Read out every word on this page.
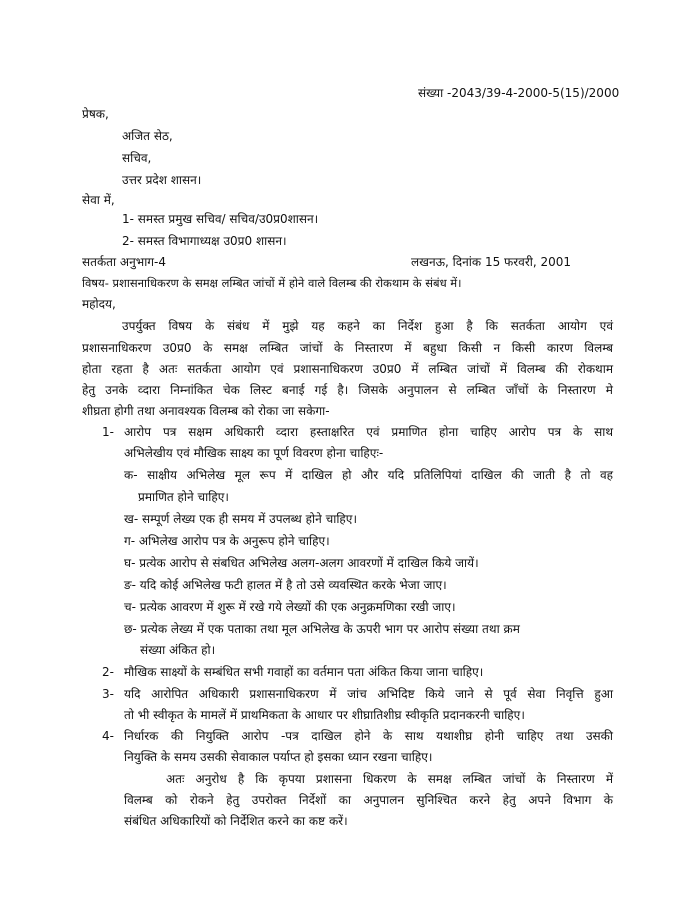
संख्या -2043/39-4-2000-5(15)/2000
प्रेषक,
अजित सेठ,
सचिव,
उत्तर प्रदेश शासन।
सेवा में,
1- समस्त प्रमुख सचिव/ सचिव/उ0प्र0शासन।
2- समस्त विभागाध्यक्ष उ0प्र0 शासन।
सतर्कता अनुभाग-4	लखनऊ, दिनांक 15 फरवरी, 2001
विषय- प्रशासनाधिकरण के समक्ष लम्बित जांचों में होने वाले विलम्ब की रोकथाम के संबंध में।
महोदय,
उपर्युक्त विषय के संबंध में मुझे यह कहने का निर्देश हुआ है कि सतर्कता आयोग एवं
प्रशासनाधिकरण उ0प्र0 के समक्ष लम्बित जांचों के निस्तारण में बहुधा किसी न किसी कारण विलम्ब
होता रहता है अतः सतर्कता आयोग एवं प्रशासनाधिकरण उ0प्र0 में लम्बित जांचों में विलम्ब की रोकथाम
हेतु उनके व्दारा निम्नांकित चेक लिस्ट बनाई गई है। जिसके अनुपालन से लम्बित जाँचों के निस्तारण मे
शीघ्रता होगी तथा अनावश्यक विलम्ब को रोका जा सकेगा-
1- आरोप पत्र सक्षम अधिकारी व्दारा हस्ताक्षरित एवं प्रमाणित होना चाहिए आरोप पत्र के साथ
अभिलेखीय एवं मौखिक साक्ष्य का पूर्ण विवरण होना चाहिएः-
क- साक्षीय अभिलेख मूल रूप में दाखिल हो और यदि प्रतिलिपियां दाखिल की जाती है तो वह
प्रमाणित होने चाहिए।
ख- सम्पूर्ण लेख्य एक ही समय में उपलब्ध होने चाहिए।
ग- अभिलेख आरोप पत्र के अनुरूप होने चाहिए।
घ- प्रत्येक आरोप से संबधित अभिलेख अलग-अलग आवरणों में दाखिल किये जायें।
ङ- यदि कोई अभिलेख फटी हालत में है तो उसे व्यवस्थित करके भेजा जाए।
च- प्रत्येक आवरण में शुरू में रखे गये लेख्यों की एक अनुक्रमणिका रखी जाए।
छ- प्रत्येक लेख्य में एक पताका तथा मूल अभिलेख के ऊपरी भाग पर आरोप संख्या तथा क्रम
संख्या अंकित हो।
2- मौखिक साक्ष्यों के सम्बंधित सभी गवाहों का वर्तमान पता अंकित किया जाना चाहिए।
3- यदि आरोपित अधिकारी प्रशासनाधिकरण में जांच अभिदिष्ट किये जाने से पूर्व सेवा निवृत्ति हुआ
तो भी स्वीकृत के मामलें में प्राथमिकता के आधार पर शीघ्रातिशीघ्र स्वीकृति प्रदानकरनी चाहिए।
4- निर्धारक की नियुक्ति आरोप -पत्र दाखिल होने के साथ यथाशीघ्र होनी चाहिए तथा उसकी
नियुक्ति के समय उसकी सेवाकाल पर्याप्त हो इसका ध्यान रखना चाहिए।
अतः अनुरोध है कि कृपया प्रशासना धिकरण के समक्ष लम्बित जांचों के निस्तारण में
विलम्ब को रोकने हेतु उपरोक्त निर्देशों का अनुपालन सुनिश्चित करने हेतु अपने विभाग के
संबंधित अधिकारियों को निर्देशित करने का कष्ट करें।
